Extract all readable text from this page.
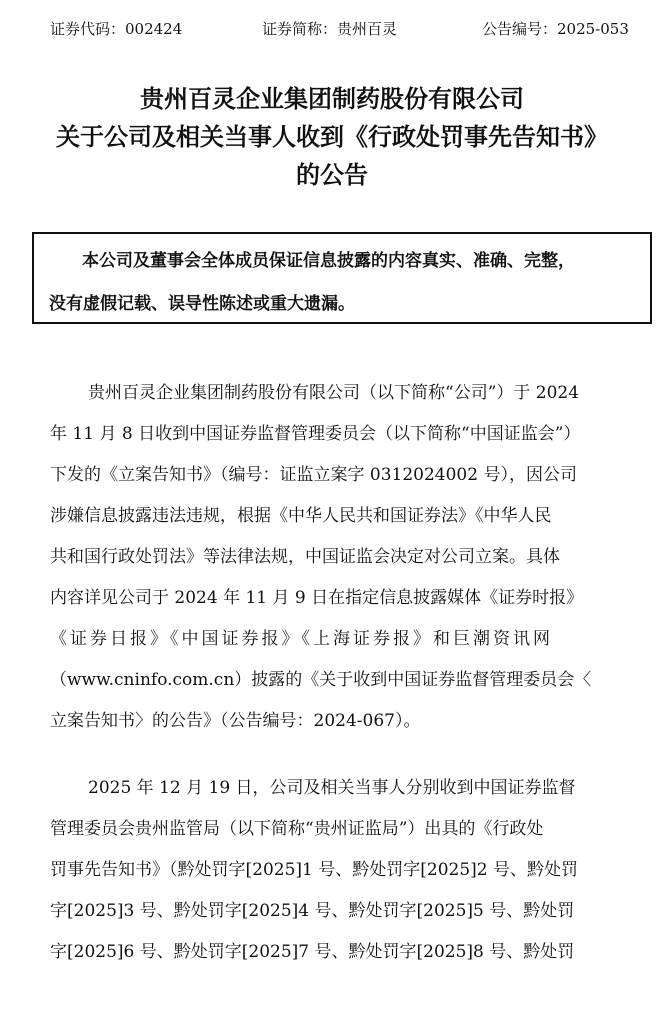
证券代码：002424	证券简称：贵州百灵	公告编号：2025-053
贵州百灵企业集团制药股份有限公司
关于公司及相关当事人收到《行政处罚事先告知书》
的公告

本公司及董事会全体成员保证信息披露的内容真实、准确、完整，

没有虚假记载、误导性陈述或重大遗漏。

贵州百灵企业集团制药股份有限公司（以下简称“公司”）于 2024
年 11 月 8 日收到中国证券监督管理委员会（以下简称“中国证监会”）
下发的《立案告知书》（编号：证监立案字 0312024002 号），因公司
涉嫌信息披露违法违规，根据《中华人民共和国证券法》《中华人民
共和国行政处罚法》等法律法规，中国证监会决定对公司立案。具体
内容详见公司于 2024 年 11 月 9 日在指定信息披露媒体《证券时报》
《证券日报》《中国证券报》《上海证券报》和巨潮资讯网
（www.cninfo.com.cn）披露的《关于收到中国证券监督管理委员会〈
立案告知书〉的公告》（公告编号：2024-067）。
2025 年 12 月 19 日，公司及相关当事人分别收到中国证券监督
管理委员会贵州监管局（以下简称“贵州证监局”）出具的《行政处
罚事先告知书》（黔处罚字[2025]1 号、黔处罚字[2025]2 号、黔处罚
字[2025]3 号、黔处罚字[2025]4 号、黔处罚字[2025]5 号、黔处罚
字[2025]6 号、黔处罚字[2025]7 号、黔处罚字[2025]8 号、黔处罚
